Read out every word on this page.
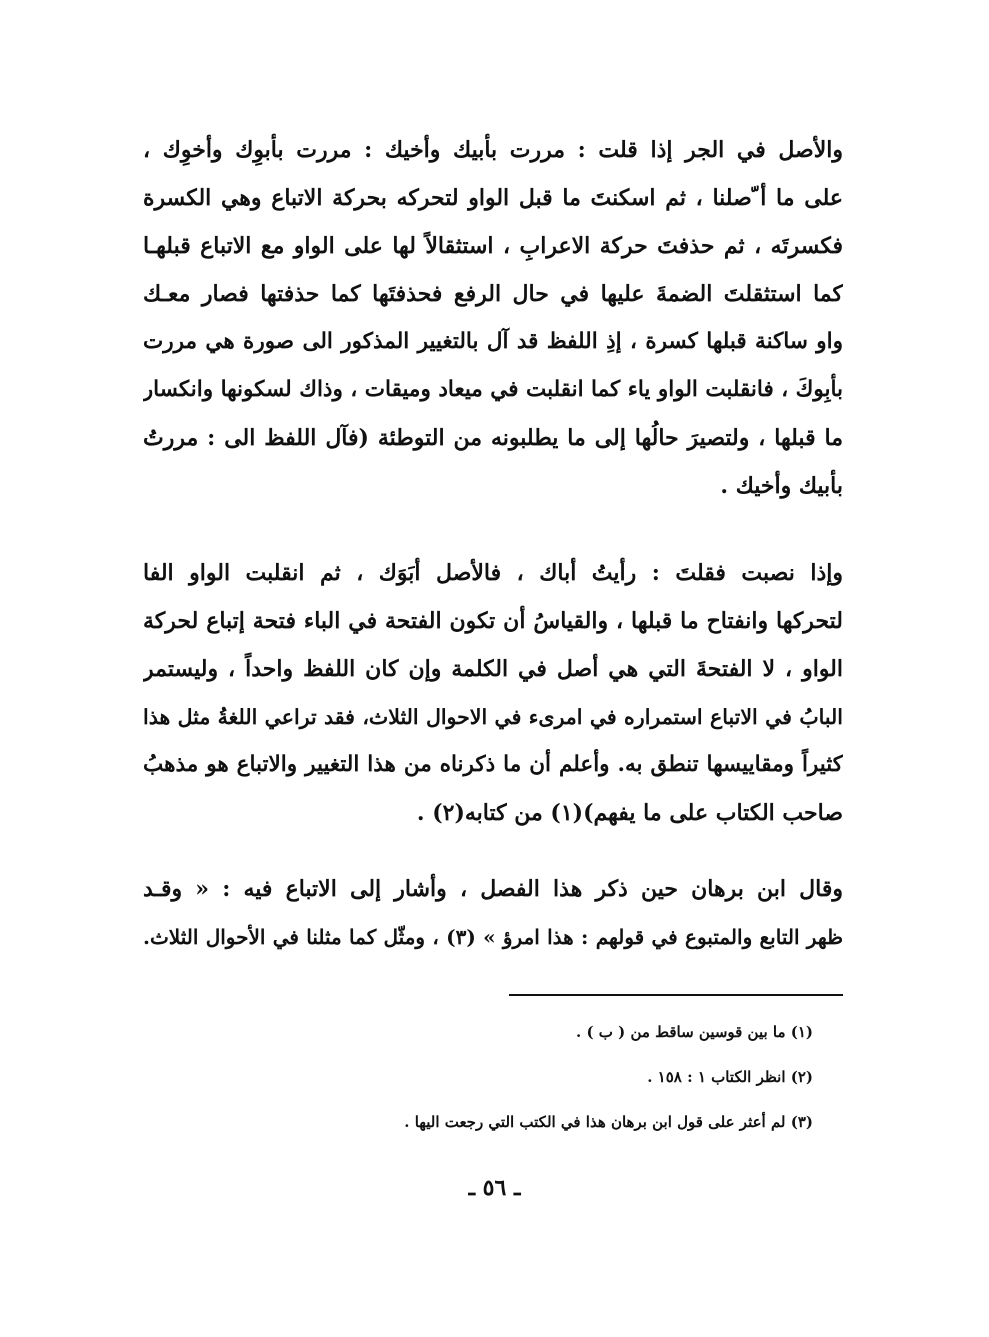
والأصل في الجر إذا قلت : مررت بأبيك وأخيك : مررت بأبوِك وأخوِك ،
على ما أ ّصلنا ، ثم اسكنتَ ما قبل الواو لتحركه بحركة الاتباع وهي الكسرة
فكسرتَه ، ثم حذفتَ حركة الاعرابِ ، استثقالاً لها على الواو مع الاتباع قبلهـا
كما استثقلتَ الضمةَ عليها في حال الرفع فحذفتَها كما حذفتها فصار معـك
واو ساكنة قبلها كسرة ، إذِ اللفظ قد آل بالتغيير المذكور الى صورة هي مررت
بأبِوكَ ، فانقلبت الواو ياء كما انقلبت في ميعاد وميقات ، وذاك لسكونها وانكسار
ما قبلها ، ولتصيرَ حالُها إلى ما يطلبونه من التوطئة (فآل اللفظ الى : مررتُ
بأبيك وأخيك .
وإذا نصبت فقلتَ : رأيتُ أباك ، فالأصل أبَوَك ، ثم انقلبت الواو الفا
لتحركها وانفتاح ما قبلها ، والقياسُ أن تكون الفتحة في الباء فتحة إتباع لحركة
الواو ، لا الفتحةَ التي هي أصل في الكلمة وإن كان اللفظ واحداً ، وليستمر
البابُ في الاتباع استمراره في امرىء في الاحوال الثلاث، فقد تراعي اللغةُ مثل هذا
كثيراً ومقاييسها تنطق به. وأعلم أن ما ذكرناه من هذا التغيير والاتباع هو مذهبُ
صاحب الكتاب على ما يفهم)(١) من كتابه(٢) .
وقال ابن برهان حين ذكر هذا الفصل ، وأشار إلى الاتباع فيه : « وقـد
ظهر التابع والمتبوع في قولهم : هذا امرؤ » (٣) ، ومثّل كما مثلنا في الأحوال الثلاث.
(١) ما بين قوسين ساقط من ( ب ) .
(٢) انظر الكتاب ١ : ١٥٨ .
(٣) لم أعثر على قول ابن برهان هذا في الكتب التي رجعت اليها .
ـ ٥٦ ـ
